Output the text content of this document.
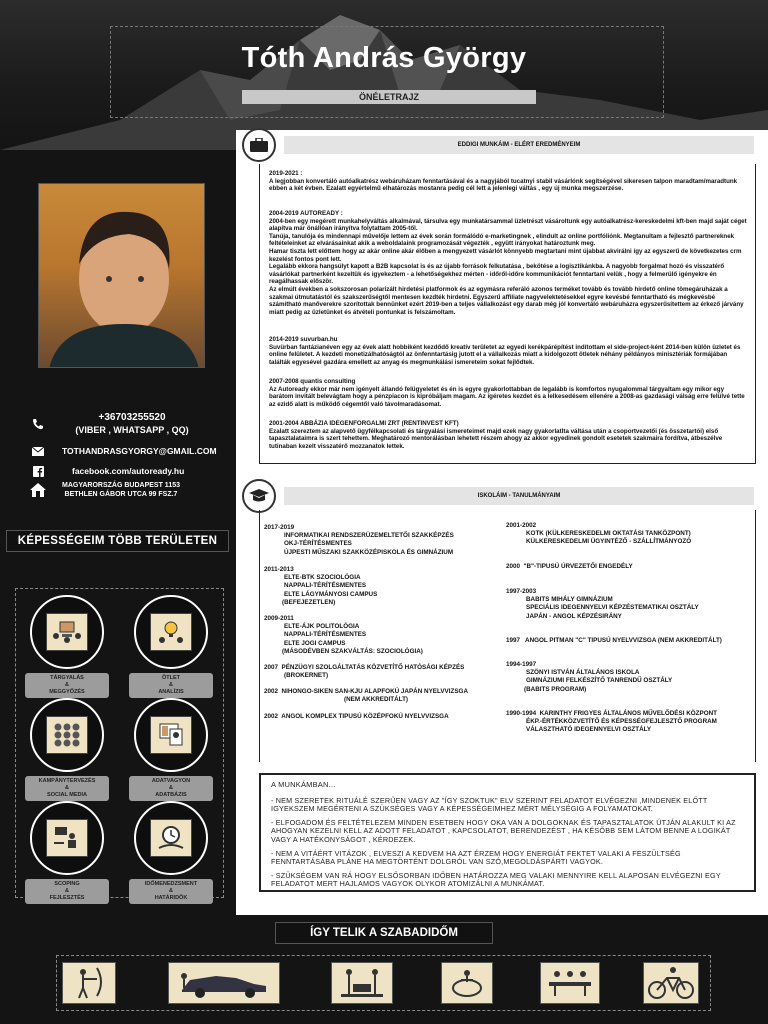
Tóth András György
ÖNÉLETRAJZ
+36703255520
(VIBER , WHATSAPP , QQ)
TOTHANDRASGYORGY@GMAIL.COM
facebook.com/autoready.hu
MAGYARORSZÁG BUDAPEST 1153
BETHLEN GÁBOR UTCA 99 FSZ.7
KÉPESSÉGEIM TÖBB TERÜLETEN
TÁRGYALÁS
&
MEGGYŐZÉS
ÖTLET
&
ANALÍZIS
KAMPÁNYTERVEZÉS
&
SOCIAL MEDIA
ADATVAGYON
&
ADATBÁZIS
SCOPING
&
FEJLESZTÉS
IDŐMENEDZSMENT
&
HATÁRIDŐK
EDDIGI MUNKÁIM - ELÉRT EREDMÉNYEIM

2019-2021 :

A legjobban konvertáló autóalkatrész webáruházam fenntartásával és a nagyjából tucatnyi stabil vásárlónk segítségével sikeresen talpon maradtam/maradtunk ebben a két évben. Ezalatt egyértelmű elhatározás mostanra pedig cél lett a jelenlegi váltás , egy új munka megszerzése.

2004-2019 AUTOREADY :

2004-ben egy megérett munkahelyváltás alkalmával, társulva egy munkatársammal üzletrészt vásároltunk egy autóalkatrész-kereskedelmi kft-ben majd saját céget alapítva már önállóan irányítva folytattam 2005-től.
Tanúja, tanulója és mindennapi művelője lettem az évek során formálódó e-marketingnek , elindult az online portfóliónk. Megtanultam a fejlesztő partnereknek feltételeinket az elvárásainkat akik a weboldalaink programozását végezték , együtt irányokat határoztunk meg.
Hamar tiszta lett előttem hogy az akár online akár élőben a mengyezett vásárlót könnyebb megtartani mint újabbat akvirálni így az egyszerű de következetes crm kezelést fontos pont lett.
Legalább ekkora hangsúlyt kapott a B2B kapcsolat is és az újabb források felkutatása , bekötése a logisztikánkba. A nagyobb forgalmat hozó és visszatérő vásárlókat partnerként kezeltük és igyekeztem - a lehetőségekhez mérten - időről-időre kommunikációt fenntartani velük , hogy a felmerülő igényekre én reagálhassak először.
Az elmúlt években a sokszorosan polarizált hirdetési platformok és az egymásra referáló azonos terméket tovább és tovább hirdető online tömegáruházak a szakmai útmutatástól és szakszerűségtől mentesen kezdték hirdetni. Egyszerű affiliate nagyvelektetésekkel egyre kevésbé fenntartható és mégkevésbé számítható manőverekre szorítottak bennünket ezért 2019-ben a teljes vállalkozást egy darab még jól konvertáló webáruházra egyszerűsítettem az érkező járvány miatt pedig az üzletünket és átvételi pontunkat is felszámoltam.

2014-2019 suvurban.hu

Suvürban fantázianéven egy az évek alatt hobbiként kezdődő kreatív területet az egyedi kerékpárépítést indítottam el side-project-ként 2014-ben külön üzletet és online felületet. A kezdeti monetizálhatóságtól az önfenntartásig jutott el a vállalkozás miatt a kidolgozott ötletek néhány példányos minisztériák formájában találták egyesével gazdára emellett az anyag és megmunkálási ismereteim sokat fejlődtek.

2007-2008 quantis consulting

Az Autoready ekkor már nem igényelt állandó felügyeletet és én is egyre gyakorlottabban de legalább is komfortos nyugalommal tárgyaltam egy mikor egy barátom invitált belevágtam hogy a pénzpiacon is kipróbáljam magam. Az ígéretes kezdet és a lelkesedésem ellenére a 2008-as gazdasági válság erre felülvé tette az ezidő alatt is működő cégemtől való távolmaradásomat.

2001-2004 ABBÁZIA IDEGENFORGALMI ZRT (RENTINVEST KFT)

Ezalatt szereztem az alapvető ügyfélkapcsolati és tárgyalási ismereteimet majd ezek nagy gyakorlatlta váltása után a csoportvezetői (és összetartói) első tapasztalataimra is szert tehettem. Meghatározó mentorálásban lehetett részem ahogy az akkor egyedinek gondolt esetetek szakmaira fordítva, átbeszélve tutinaban kezelt visszatérő mozzanatok lettek.

ISKOLÁIM - TANULMÁNYAIM
2017-2019
INFORMATIKAI RENDSZERÜZEMELTETŐI SZAKKÉPZÉS
OKJ-TÉRÍTÉSMENTES
ÚJPESTI MŰSZAKI SZAKKÖZÉPISKOLA ÉS GIMNÁZIUM
2011-2013
ELTE-BTK SZOCIOLÓGIA
NAPPALI-TÉRÍTÉSMENTES
ELTE LÁGYMÁNYOSI CAMPUS
(BEFEJEZETLEN)
2009-2011
ELTE-ÁJK POLITOLÓGIA
NAPPALI-TÉRÍTÉSMENTES
ELTE JOGI CAMPUS
(MÁSODÉVBEN SZAKVÁLTÁS: SZOCIOLÓGIA)
2007 PÉNZÜGYI SZOLGÁLTATÁS KÖZVETÍTŐ HATÓSÁGI KÉPZÉS
(BROKERNET)
2002 NIHONGO-SIKEN SAN-KJU ALAPFOKÚ JAPÁN NYELVVIZSGA
(NEM AKKREDITÁLT)
2002 ANGOL KOMPLEX TIPUSÚ KÖZÉPFOKÚ NYELVVIZSGA
2001-2002
KOTK (KÜLKERESKEDELMI OKTATÁSI TANKÖZPONT)
KÜLKERESKEDELMI ÜGYINTÉZŐ - SZÁLLÍTMÁNYOZÓ
2000 "B"-TIPUSÚ ÚRVEZETŐI ENGEDÉLY
1997-2003
BABITS MIHÁLY GIMNÁZIUM
SPECIÁLIS IDEGENNYELVI KÉPZÉSTEMATIKAI OSZTÁLY
JAPÁN - ANGOL KÉPZÉSIRÁNY
1997 ANGOL PITMAN "C" TIPUSÚ NYELVVIZSGA (NEM AKKREDITÁLT)
1994-1997
SZÖNYI ISTVÁN ÁLTALÁNOS ISKOLA
GIMNÁZIUMI FELKÉSZÍTŐ TANRENDŰ OSZTÁLY
(BABITS PROGRAM)
1990-1994 KARINTHY FRIGYES ÁLTALÁNOS MŰVELŐDÉSI KÖZPONT
ÉKP.-ÉRTÉKKÖZVETÍTŐ ÉS KÉPESSÉGFEJLESZTŐ PROGRAM
VÁLASZTHATÓ IDEGENNYELVI OSZTÁLY
A MUNKÁMBAN...
- NEM SZERETEK RITUÁLÉ SZERŰEN VAGY AZ "ÍGY SZOKTUK" ELV SZERINT FELADATOT ELVÉGEZNI ,MINDENEK ELŐTT IGYEKSZEM MEGÉRTENI A SZÜKSÉGES VAGY A KÉPESSÉGEIMHEZ MÉRT MÉLYSÉGIG A FOLYAMATOKAT.
- ELFOGADOM ÉS FELTÉTELEZEM MINDEN ESETBEN HOGY OKA VAN A DOLGOKNAK ÉS TAPASZTALATOK ÚTJÁN ALAKULT KI AZ AHOGYAN KEZELNI KELL AZ ADOTT FELADATOT , KAPCSOLATOT, BERENDEZÉST , HA KÉSŐBB SEM LÁTOM BENNE A LOGIKÁT VAGY A HATÉKONYSÁGOT , KÉRDEZEK.
- NEM A VITÁÉRT VITÁZOK , ELVESZI A KEDVEM HA AZT ÉRZEM HOGY ENERGIÁT FEKTET VALAKI A FESZÜLTSÉG FENNTARTÁSÁBA PLÁNE HA MEGTÖRTÉNT DOLGRÓL VAN SZÓ,MEGOLDÁSPÁRTI VAGYOK.
- SZÜKSÉGEM VAN RÁ HOGY ELSŐSORBAN IDŐBEN HATÁROZZA MEG VALAKI MENNYIRE KELL ALAPOSAN ELVÉGEZNI EGY FELADATOT MERT HAJLAMOS VAGYOK OLYKOR ATOMIZÁLNI A MUNKÁMAT.
ÍGY TELIK A SZABADIDŐM
